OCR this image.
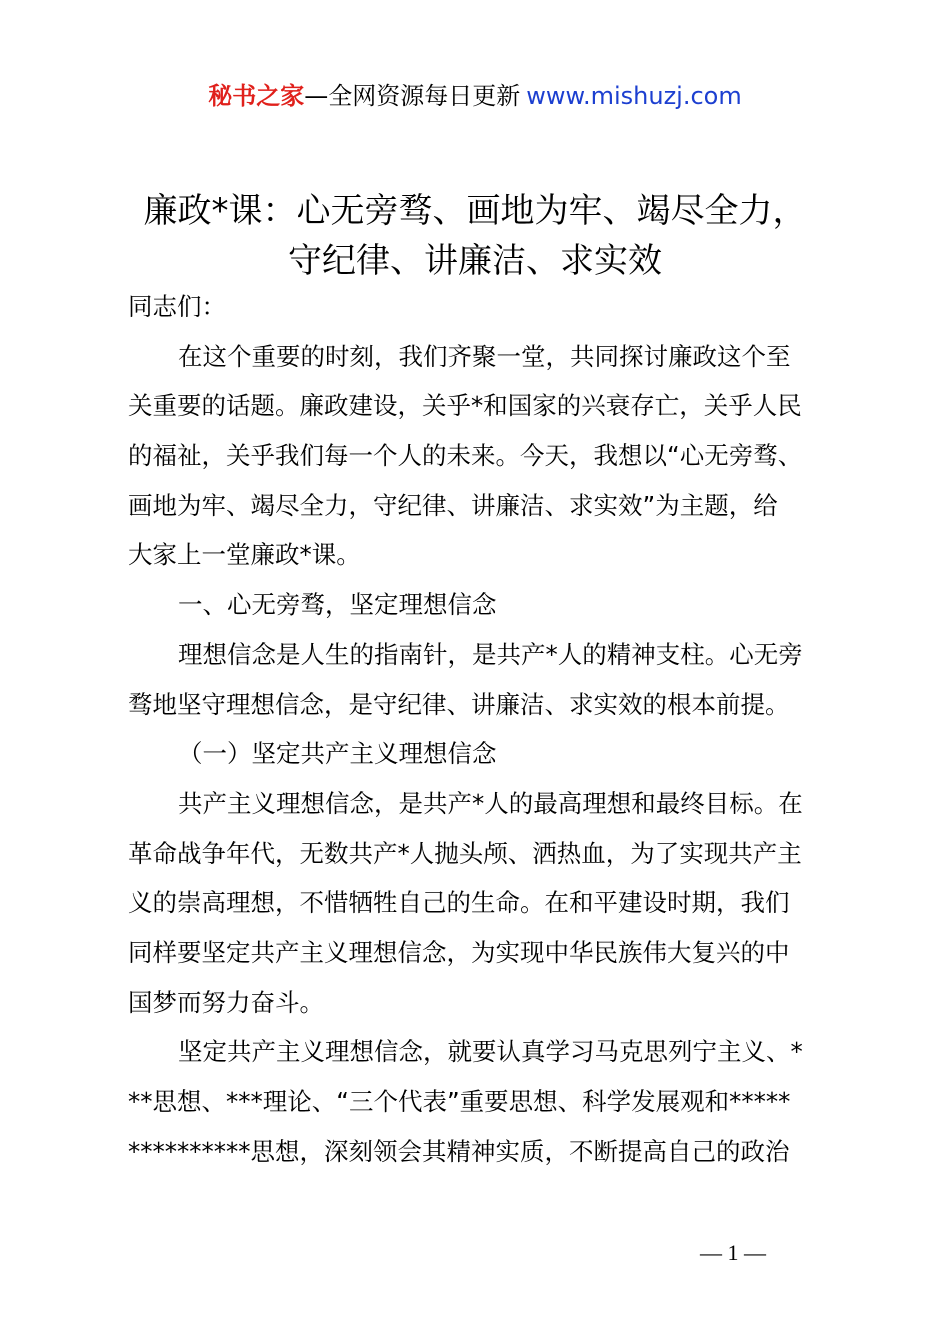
秘书之家—全网资源每日更新 www.mishuzj.com
廉政*课：心无旁骛、画地为牢、竭尽全力，
守纪律、讲廉洁、求实效
同志们：
在这个重要的时刻，我们齐聚一堂，共同探讨廉政这个至
关重要的话题。廉政建设，关乎*和国家的兴衰存亡，关乎人民
的福祉，关乎我们每一个人的未来。今天，我想以“心无旁骛、
画地为牢、竭尽全力，守纪律、讲廉洁、求实效”为主题，给
大家上一堂廉政*课。
一、心无旁骛，坚定理想信念
理想信念是人生的指南针，是共产*人的精神支柱。心无旁
骛地坚守理想信念，是守纪律、讲廉洁、求实效的根本前提。
（一）坚定共产主义理想信念
共产主义理想信念，是共产*人的最高理想和最终目标。在
革命战争年代，无数共产*人抛头颅、洒热血，为了实现共产主
义的崇高理想，不惜牺牲自己的生命。在和平建设时期，我们
同样要坚定共产主义理想信念，为实现中华民族伟大复兴的中
国梦而努力奋斗。
坚定共产主义理想信念，就要认真学习马克思列宁主义、*
**思想、***理论、“三个代表”重要思想、科学发展观和*****
**********思想，深刻领会其精神实质，不断提高自己的政治
— 1 —
